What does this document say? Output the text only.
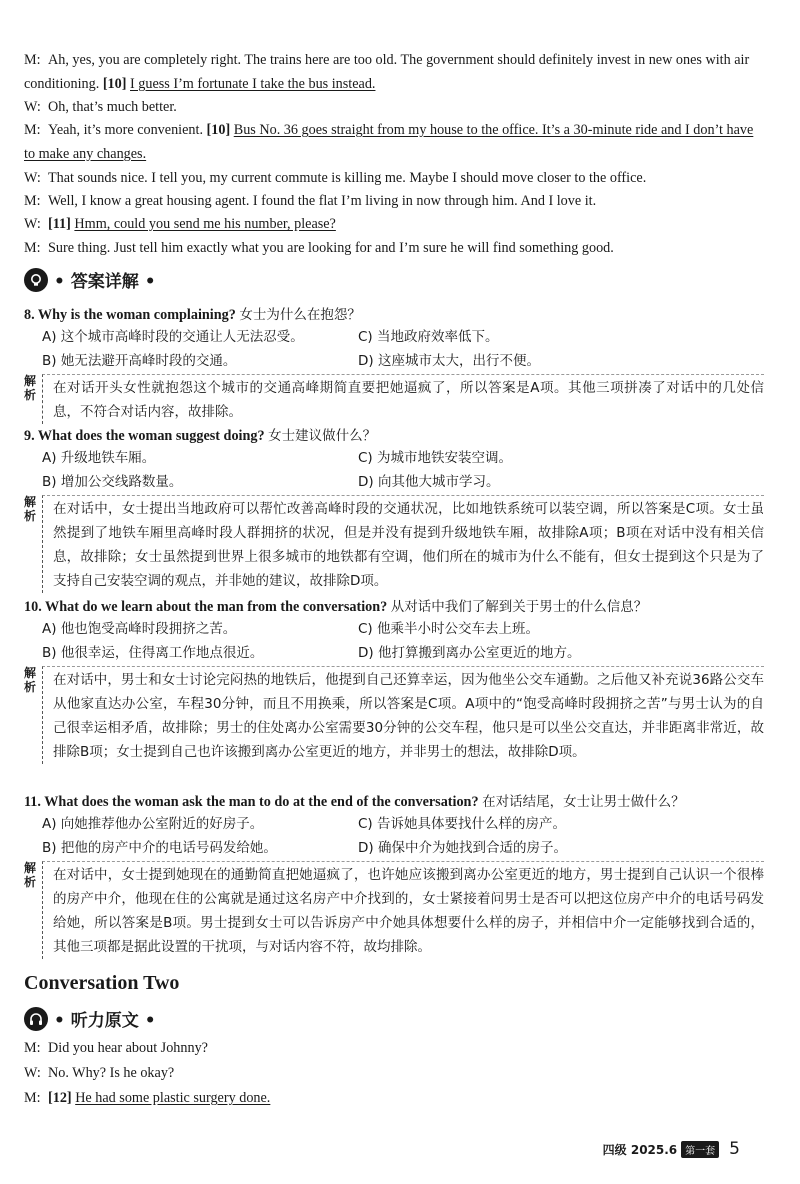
M: Ah, yes, you are completely right. The trains here are too old. The government should definitely invest in new ones with air conditioning. [10] I guess I’m fortunate I take the bus instead.
W: Oh, that’s much better.
M: Yeah, it’s more convenient. [10] Bus No. 36 goes straight from my house to the office. It’s a 30-minute ride and I don’t have to make any changes.
W: That sounds nice. I tell you, my current commute is killing me. Maybe I should move closer to the office.
M: Well, I know a great housing agent. I found the flat I’m living in now through him. And I love it.
W: [11] Hmm, could you send me his number, please?
M: Sure thing. Just tell him exactly what you are looking for and I’m sure he will find something good.
• 答案详解 •
8. Why is the woman complaining? 女士为什么在抱怨？
A) 这个城市高峰时段的交通让人无法忍受。	C) 当地政府效率低下。
B) 她无法避开高峰时段的交通。	D) 这座城市太大，出行不便。
解
析	在对话开头女性就抱怨这个城市的交通高峰期简直要把她逼疯了，所以答案是A项。其他三项拼凑了对话中的几处信息，不符合对话内容，故排除。
9. What does the woman suggest doing? 女士建议做什么？
A) 升级地铁车厢。	C) 为城市地铁安装空调。
B) 增加公交线路数量。	D) 向其他大城市学习。
解
析	在对话中，女士提出当地政府可以帮忙改善高峰时段的交通状况，比如地铁系统可以装空调，所以答案是C项。女士虽然提到了地铁车厢里高峰时段人群拥挤的状况，但是并没有提到升级地铁车厢，故排除A项；B项在对话中没有相关信息，故排除；女士虽然提到世界上很多城市的地铁都有空调，他们所在的城市为什么不能有，但女士提到这个只是为了支持自己安装空调的观点，并非她的建议，故排除D项。
10. What do we learn about the man from the conversation? 从对话中我们了解到关于男士的什么信息？
A) 他也饱受高峰时段拥挤之苦。	C) 他乘半小时公交车去上班。
B) 他很幸运，住得离工作地点很近。	D) 他打算搬到离办公室更近的地方。
解
析	在对话中，男士和女士讨论完闷热的地铁后，他提到自己还算幸运，因为他坐公交车通勤。之后他又补充说36路公交车从他家直达办公室，车程30分钟，而且不用换乘，所以答案是C项。A项中的“饱受高峰时段拥挤之苦”与男士认为的自己很幸运相矛盾，故排除；男士的住处离办公室需要30分钟的公交车程，他只是可以坐公交直达，并非距离非常近，故排除B项；女士提到自己也许该搬到离办公室更近的地方，并非男士的想法，故排除D项。
11. What does the woman ask the man to do at the end of the conversation? 在对话结尾，女士让男士做什么？
A) 向她推荐他办公室附近的好房子。	C) 告诉她具体要找什么样的房产。
B) 把他的房产中介的电话号码发给她。	D) 确保中介为她找到合适的房子。
解
析	在对话中，女士提到她现在的通勤简直把她逼疯了，也许她应该搬到离办公室更近的地方，男士提到自己认识一个很棒的房产中介，他现在住的公寓就是通过这名房产中介找到的，女士紧接着问男士是否可以把这位房产中介的电话号码发给她，所以答案是B项。男士提到女士可以告诉房产中介她具体想要什么样的房子，并相信中介一定能够找到合适的，其他三项都是据此设置的干扰项，与对话内容不符，故均排除。
Conversation Two
• 听力原文 •
M: Did you hear about Johnny?
W: No. Why? Is he okay?
M: [12] He had some plastic surgery done.
四级 2025.6 第一套 5
